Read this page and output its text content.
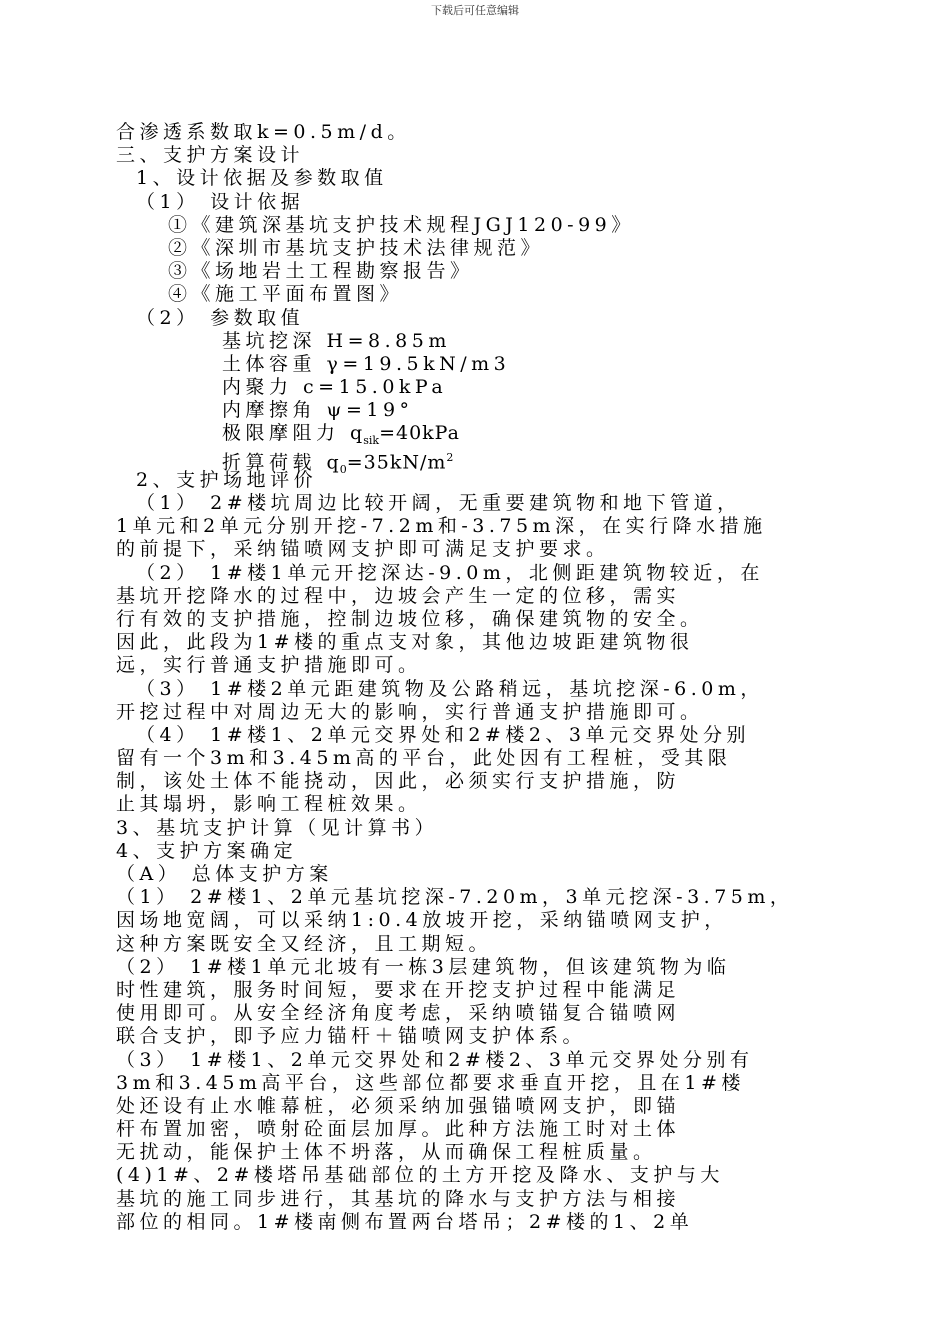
下载后可任意编辑
合渗透系数取k=0.5m/d。
三、支护方案设计
1、设计依据及参数取值
（1） 设计依据
①《建筑深基坑支护技术规程JGJ120-99》
②《深圳市基坑支护技术法律规范》
③《场地岩土工程勘察报告》
④《施工平面布置图》
（2） 参数取值
基坑挖深 H=8.85m
土体容重 γ=19.5kN/m3
内聚力 c=15.0kPa
内摩擦角 ψ=19°
极限摩阻力 $q_{sik}=40kPa$
折算荷载 $q_0=35kN/m^2$
2、支护场地评价
（1） 2#楼坑周边比较开阔，无重要建筑物和地下管道，
1单元和2单元分别开挖-7.2m和-3.75m深，在实行降水措施
的前提下，采纳锚喷网支护即可满足支护要求。
（2） 1#楼1单元开挖深达-9.0m，北侧距建筑物较近，在
基坑开挖降水的过程中，边坡会产生一定的位移，需实
行有效的支护措施，控制边坡位移，确保建筑物的安全。
因此，此段为1#楼的重点支对象，其他边坡距建筑物很
远，实行普通支护措施即可。
（3） 1#楼2单元距建筑物及公路稍远，基坑挖深-6.0m，
开挖过程中对周边无大的影响，实行普通支护措施即可。
（4） 1#楼1、2单元交界处和2#楼2、3单元交界处分别
留有一个3m和3.45m高的平台，此处因有工程桩，受其限
制，该处土体不能挠动，因此，必须实行支护措施，防
止其塌坍，影响工程桩效果。
3、基坑支护计算（见计算书）
4、支护方案确定
（A） 总体支护方案
（1） 2#楼1、2单元基坑挖深-7.20m，3单元挖深-3.75m，
因场地宽阔，可以采纳1:0.4放坡开挖，采纳锚喷网支护，
这种方案既安全又经济，且工期短。
（2） 1#楼1单元北坡有一栋3层建筑物，但该建筑物为临
时性建筑，服务时间短，要求在开挖支护过程中能满足
使用即可。从安全经济角度考虑，采纳喷锚复合锚喷网
联合支护，即予应力锚杆＋锚喷网支护体系。
（3） 1#楼1、2单元交界处和2#楼2、3单元交界处分别有
3m和3.45m高平台，这些部位都要求垂直开挖，且在1#楼
处还设有止水帷幕桩，必须采纳加强锚喷网支护，即锚
杆布置加密，喷射砼面层加厚。此种方法施工时对土体
无扰动，能保护土体不坍落，从而确保工程桩质量。
(4)1#、2#楼塔吊基础部位的土方开挖及降水、支护与大
基坑的施工同步进行，其基坑的降水与支护方法与相接
部位的相同。1#楼南侧布置两台塔吊；2#楼的1、2单
